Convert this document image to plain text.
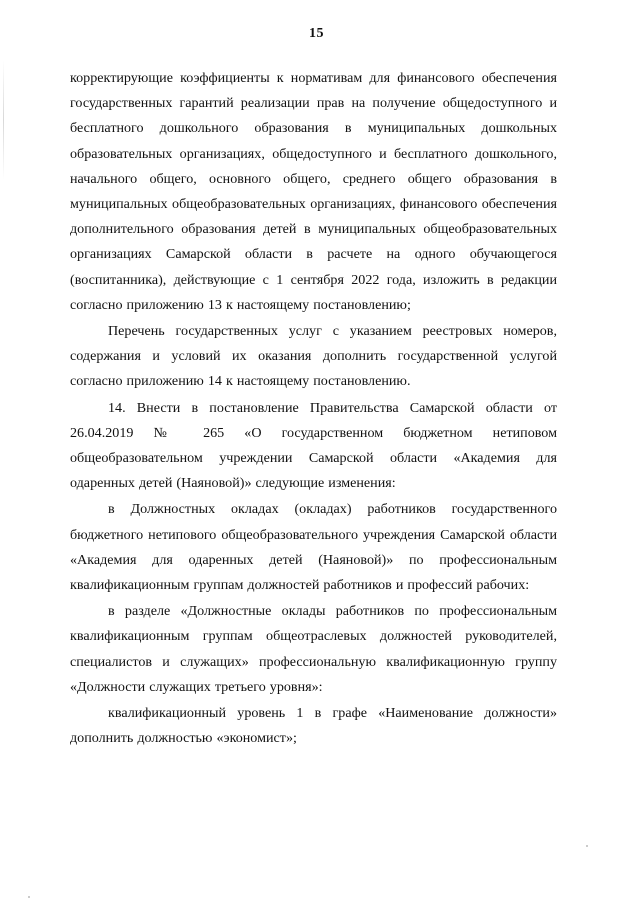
15

корректирующие коэффициенты к нормативам для финансового обеспечения государственных гарантий реализации прав на получение общедоступного и бесплатного дошкольного образования в муниципальных дошкольных образовательных организациях, общедоступного и бесплатного дошкольного, начального общего, основного общего, среднего общего образования в муниципальных общеобразовательных организациях, финансового обеспечения дополнительного образования детей в муниципальных общеобразовательных организациях Самарской области в расчете на одного обучающегося (воспитанника), действующие с 1 сентября 2022 года, изложить в редакции согласно приложению 13 к настоящему постановлению;

Перечень государственных услуг с указанием реестровых номеров, содержания и условий их оказания дополнить государственной услугой согласно приложению 14 к настоящему постановлению.

14. Внести в постановление Правительства Самарской области от 26.04.2019 № 265 «О государственном бюджетном нетиповом общеобразовательном учреждении Самарской области «Академия для одаренных детей (Наяновой)» следующие изменения:

в Должностных окладах (окладах) работников государственного бюджетного нетипового общеобразовательного учреждения Самарской области «Академия для одаренных детей (Наяновой)» по профессиональным квалификационным группам должностей работников и профессий рабочих:

в разделе «Должностные оклады работников по профессиональным квалификационным группам общеотраслевых должностей руководителей, специалистов и служащих» профессиональную квалификационную группу «Должности служащих третьего уровня»:

квалификационный уровень 1 в графе «Наименование должности» дополнить должностью «экономист»;
